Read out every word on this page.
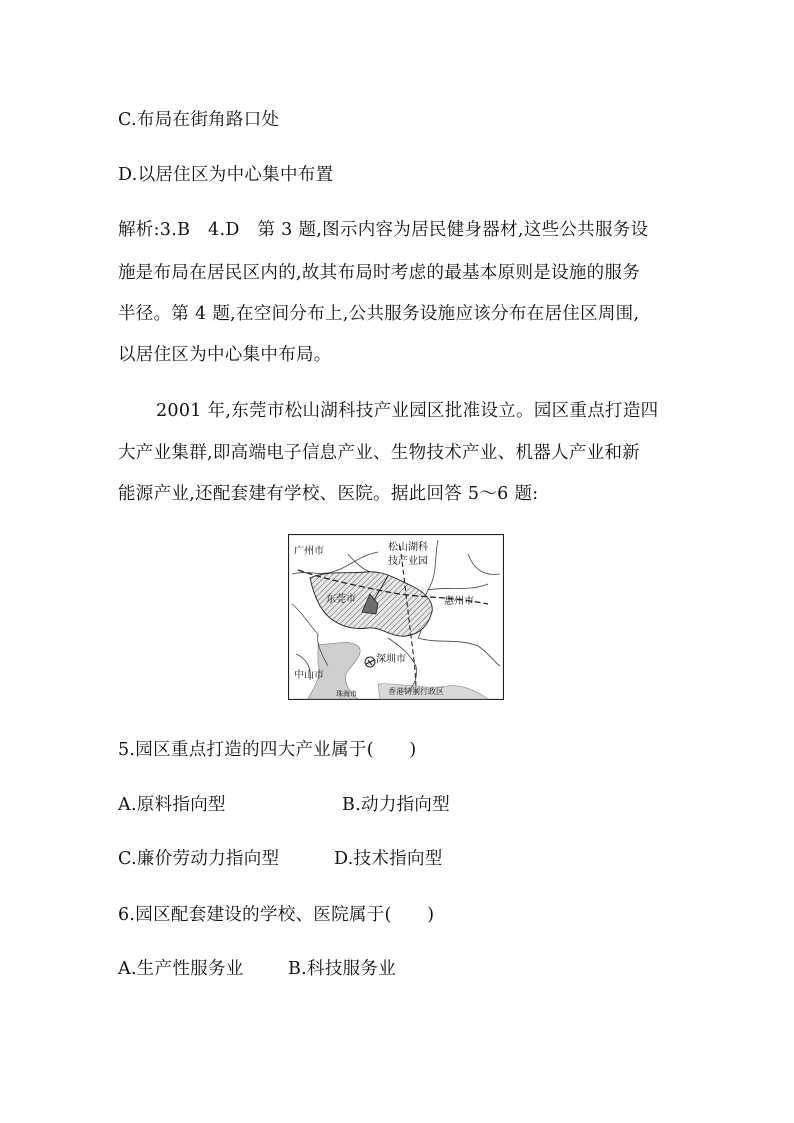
C.布局在街角路口处
D.以居住区为中心集中布置
解析:3.B　4.D　第 3 题,图示内容为居民健身器材,这些公共服务设
施是布局在居民区内的,故其布局时考虑的最基本原则是设施的服务
半径。第 4 题,在空间分布上,公共服务设施应该分布在居住区周围,
以居住区为中心集中布局。
2001 年,东莞市松山湖科技产业园区批准设立。园区重点打造四
大产业集群,即高端电子信息产业、生物技术产业、机器人产业和新
能源产业,还配套建有学校、医院。据此回答 5～6 题:
广州市	松山湖科
技产业园
东莞市	惠州市
深圳市
中山市
珠海市	香港特别行政区
5.园区重点打造的四大产业属于(　　)
A.原料指向型	B.动力指向型
C.廉价劳动力指向型	D.技术指向型
6.园区配套建设的学校、医院属于(　　)
A.生产性服务业	B.科技服务业
